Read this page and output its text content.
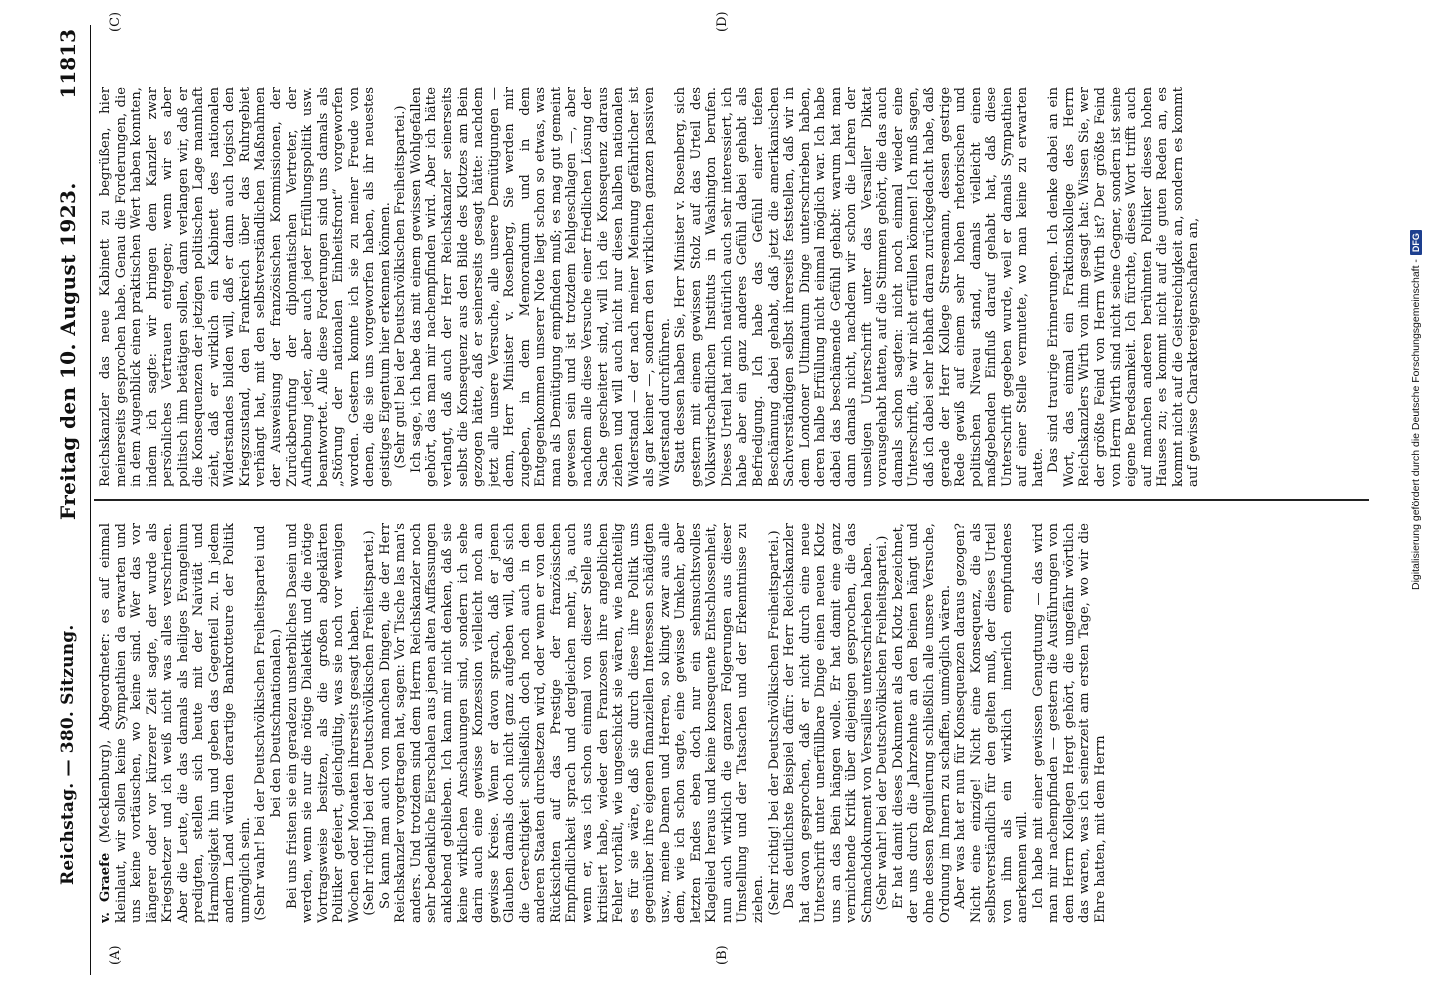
Reichstag. — 380. Sitzung.
Freitag den 10. August 1923.
11813
(A)	(B)
(C)	(D)

v. Graefe (Mecklenburg), Abgeordneter: es auf einmal kleinlaut, wir sollen keine Sympathien da erwarten und uns keine vortäuschen, wo keine sind. Wer das vor längerer oder vor kürzerer Zeit sagte, der wurde als Kriegshetzer und ich weiß nicht was alles verschrieen. Aber die Leute, die das damals als heiliges Evangelium predigten, stellen sich heute mit der Naivität und Harmlosigkeit hin und geben das Gegenteil zu. In jedem andern Land würden derartige Bankrotteure der Politik unmöglich sein. (Sehr wahr! bei der Deutschvölkischen Freiheitspartei und bei den Deutschnationalen.) Bei uns fristen sie ein geradezu unsterbliches Dasein und werden, wenn sie nur die nötige Dialektik und die nötige Vortragsweise besitzen, als die großen abgeklärten Politiker gefeiert, gleichgültig, was sie noch vor wenigen Wochen oder Monaten ihrerseits gesagt haben. (Sehr richtig! bei der Deutschvölkischen Freiheitspartei.) So kann man auch von manchen Dingen, die der Herr Reichskanzler vorgetragen hat, sagen: Vor Tische las man's anders. Und trotzdem sind dem Herrn Reichskanzler noch sehr bedenkliche Eierschalen aus jenen alten Auffassungen anklebend geblieben. Ich kann mir nicht denken, daß sie keine wirklichen Anschauungen sind, sondern ich sehe darin auch eine gewisse Konzession vielleicht noch an gewisse Kreise. Wenn er davon sprach, daß er jenen Glauben damals doch nicht ganz aufgeben will, daß sich die Gerechtigkeit schließlich doch noch auch in den anderen Staaten durchsetzen wird, oder wenn er von den Rücksichten auf das Prestige der französischen Empfindlichkeit sprach und dergleichen mehr, ja, auch wenn er, was ich schon einmal von dieser Stelle aus kritisiert habe, wieder den Franzosen ihre angeblichen Fehler vorhält, wie ungeschickt sie wären, wie nachteilig es für sie wäre, daß sie durch diese ihre Politik uns gegenüber ihre eigenen finanziellen Interessen schädigten usw., meine Damen und Herren, so klingt zwar aus alle dem, wie ich schon sagte, eine gewisse Umkehr, aber letzten Endes eben doch nur ein sehnsuchtsvolles Klagelied heraus und keine konsequente Entschlossenheit, nun auch wirklich die ganzen Folgerungen aus dieser Umstellung und der Tatsachen und der Erkenntnisse zu ziehen. (Sehr richtig! bei der Deutschvölkischen Freiheitspartei.) Das deutlichste Beispiel dafür: der Herr Reichskanzler hat davon gesprochen, daß er nicht durch eine neue Unterschrift unter unerfüllbare Dinge einen neuen Klotz uns an das Bein hängen wolle. Er hat damit eine ganz vernichtende Kritik über diejenigen gesprochen, die das Schmachdokument von Versailles unterschrieben haben. (Sehr wahr! bei der Deutschvölkischen Freiheitspartei.) Er hat damit dieses Dokument als den Klotz bezeichnet, der uns durch die Jahrzehnte an den Beinen hängt und ohne dessen Regulierung schließlich alle unsere Versuche, Ordnung im Innern zu schaffen, unmöglich wären. Aber was hat er nun für Konsequenzen daraus gezogen? Nicht eine einzige! Nicht eine Konsequenz, die als selbstverständlich für den gelten muß, der dieses Urteil von ihm als ein wirklich innerlich empfundenes anerkennen will. Ich habe mit einer gewissen Genugtuung — das wird man mir nachempfinden — gestern die Ausführungen von dem Herrn Kollegen Hergt gehört, die ungefähr wörtlich das waren, was ich seinerzeit am ersten Tage, wo wir die Ehre hatten, mit dem Herrn

Reichskanzler das neue Kabinett zu begrüßen, hier meinerseits gesprochen habe. Genau die Forderungen, die in dem Augenblick einen praktischen Wert haben konnten, indem ich sagte: wir bringen dem Kanzler zwar persönliches Vertrauen entgegen; wenn wir es aber politisch ihm betätigen sollen, dann verlangen wir, daß er die Konsequenzen der jetzigen politischen Lage mannhaft zieht, daß er wirklich ein Kabinett des nationalen Widerstandes bilden will, daß er dann auch logisch den Kriegszustand, den Frankreich über das Ruhrgebiet verhängt hat, mit den selbstverständlichen Maßnahmen der Ausweisung der französischen Kommissionen, der Zurückberufung der diplomatischen Vertreter, der Aufhebung jeder, aber auch jeder Erfüllungspolitik usw. beantwortet. Alle diese Forderungen sind uns damals als „Störung der nationalen Einheitsfront“ vorgeworfen worden. Gestern konnte ich sie zu meiner Freude von denen, die sie uns vorgeworfen haben, als ihr neuestes geistiges Eigentum hier erkennen können. (Sehr gut! bei der Deutschvölkischen Freiheitspartei.) Ich sage, ich habe das mit einem gewissen Wohlgefallen gehört, das man mir nachempfinden wird. Aber ich hätte verlangt, daß auch der Herr Reichskanzler seinerseits selbst die Konsequenz aus den Bilde des Klotzes am Bein gezogen hätte, daß er seinerseits gesagt hätte: nachdem jetzt alle unsere Versuche, alle unsere Demütigungen — denn, Herr Minister v. Rosenberg, Sie werden mir zugeben, in dem Memorandum und in dem Entgegenkommen unserer Note liegt schon so etwas, was man als Demütigung empfinden muß; es mag gut gemeint gewesen sein und ist trotzdem fehlgeschlagen —, aber nachdem alle diese Versuche einer friedlichen Lösung der Sache gescheitert sind, will ich die Konsequenz daraus ziehen und will auch nicht nur diesen halben nationalen Widerstand — der nach meiner Meinung gefährlicher ist als gar keiner —, sondern den wirklichen ganzen passiven Widerstand durchführen. Statt dessen haben Sie, Herr Minister v. Rosenberg, sich gestern mit einem gewissen Stolz auf das Urteil des Volkswirtschaftlichen Instituts in Washington berufen. Dieses Urteil hat mich natürlich auch sehr interessiert, ich habe aber ein ganz anderes Gefühl dabei gehabt als Befriedigung. Ich habe das Gefühl einer tiefen Beschämung dabei gehabt, daß jetzt die amerikanischen Sachverständigen selbst ihrerseits feststellen, daß wir in dem Londoner Ultimatum Dinge unterschrieben haben, deren halbe Erfüllung nicht einmal möglich war. Ich habe dabei das beschämende Gefühl gehabt: warum hat man dann damals nicht, nachdem wir schon die Lehren der unseligen Unterschrift unter das Versailler Diktat vorausgehabt hatten, auf die Stimmen gehört, die das auch damals schon sagten: nicht noch einmal wieder eine Unterschrift, die wir nicht erfüllen können! Ich muß sagen, daß ich dabei sehr lebhaft daran zurückgedacht habe, daß gerade der Herr Kollege Stresemann, dessen gestrige Rede gewiß auf einem sehr hohen rhetorischen und politischen Niveau stand, damals vielleicht einen maßgebenden Einfluß darauf gehabt hat, daß diese Unterschrift gegeben wurde, weil er damals Sympathien auf einer Stelle vermutete, wo man keine zu erwarten hatte. Das sind traurige Erinnerungen. Ich denke dabei an ein Wort, das einmal ein Fraktionskollege des Herrn Reichskanzlers Wirth von ihm gesagt hat: Wissen Sie, wer der größte Feind von Herrn Wirth ist? Der größte Feind von Herrn Wirth sind nicht seine Gegner, sondern ist seine eigene Beredsamkeit. Ich fürchte, dieses Wort trifft auch auf manchen anderen berühmten Politiker dieses hohen Hauses zu; es kommt nicht auf die guten Reden an, es kommt nicht auf die Geistreichigkeit an, sondern es kommt auf gewisse Charaktereigenschaften an,	Digitalisierung gefördert durch die Deutsche Forschungsgemeinschaft -
DFG
